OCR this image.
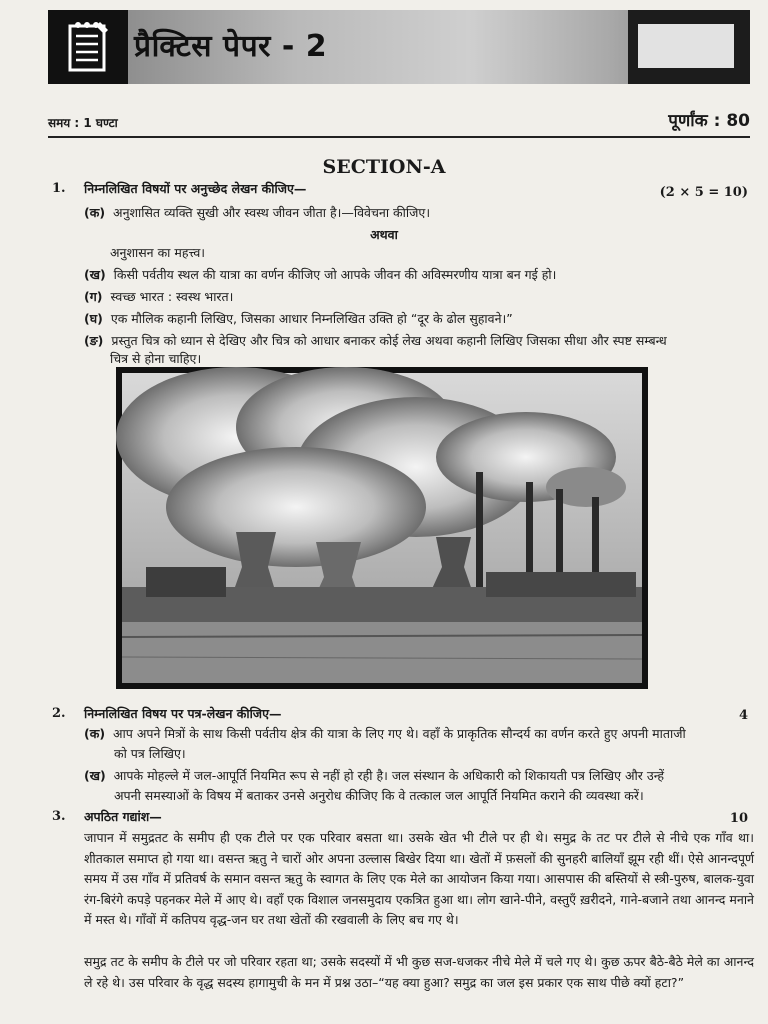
प्रैक्टिस पेपर - 2
समय : 1 घण्टा	पूर्णांक : 80
SECTION-A
1. निम्नलिखित विषयों पर अनुच्छेद लेखन कीजिए—	(2 × 5 = 10)
(क) अनुशासित व्यक्ति सुखी और स्वस्थ जीवन जीता है।—विवेचना कीजिए।
अथवा
अनुशासन का महत्त्व।
(ख) किसी पर्वतीय स्थल की यात्रा का वर्णन कीजिए जो आपके जीवन की अविस्मरणीय यात्रा बन गई हो।
(ग) स्वच्छ भारत : स्वस्थ भारत।
(घ) एक मौलिक कहानी लिखिए, जिसका आधार निम्नलिखित उक्ति हो “दूर के ढोल सुहावने।”
(ङ) प्रस्तुत चित्र को ध्यान से देखिए और चित्र को आधार बनाकर कोई लेख अथवा कहानी लिखिए जिसका सीधा और स्पष्ट सम्बन्ध
चित्र से होना चाहिए।
2. निम्नलिखित विषय पर पत्र-लेखन कीजिए—	4
(क) आप अपने मित्रों के साथ किसी पर्वतीय क्षेत्र की यात्रा के लिए गए थे। वहाँ के प्राकृतिक सौन्दर्य का वर्णन करते हुए अपनी माताजी
को पत्र लिखिए।
(ख) आपके मोहल्ले में जल-आपूर्ति नियमित रूप से नहीं हो रही है। जल संस्थान के अधिकारी को शिकायती पत्र लिखिए और उन्हें
अपनी समस्याओं के विषय में बताकर उनसे अनुरोध कीजिए कि वे तत्काल जल आपूर्ति नियमित कराने की व्यवस्था करें।
3. अपठित गद्यांश—	10
जापान में समुद्रतट के समीप ही एक टीले पर एक परिवार बसता था। उसके खेत भी टीले पर ही थे। समुद्र के तट पर टीले से नीचे एक गाँव था। शीतकाल समाप्त हो गया था। वसन्त ऋतु ने चारों ओर अपना उल्लास बिखेर दिया था। खेतों में फ़सलों की सुनहरी बालियाँ झूम रही थीं। ऐसे आनन्दपूर्ण समय में उस गाँव में प्रतिवर्ष के समान वसन्त ऋतु के स्वागत के लिए एक मेले का आयोजन किया गया। आसपास की बस्तियों से स्त्री-पुरुष, बालक-युवा रंग-बिरंगे कपड़े पहनकर मेले में आए थे। वहाँ एक विशाल जनसमुदाय एकत्रित हुआ था। लोग खाने-पीने, वस्तुएँ ख़रीदने, गाने-बजाने तथा आनन्द मनाने में मस्त थे। गाँवों में कतिपय वृद्ध-जन घर तथा खेतों की रखवाली के लिए बच गए थे।
समुद्र तट के समीप के टीले पर जो परिवार रहता था; उसके सदस्यों में भी कुछ सज-धजकर नीचे मेले में चले गए थे। कुछ ऊपर बैठे-बैठे मेले का आनन्द ले रहे थे। उस परिवार के वृद्ध सदस्य हागामुची के मन में प्रश्न उठा–“यह क्या हुआ? समुद्र का जल इस प्रकार एक साथ पीछे क्यों हटा?”
